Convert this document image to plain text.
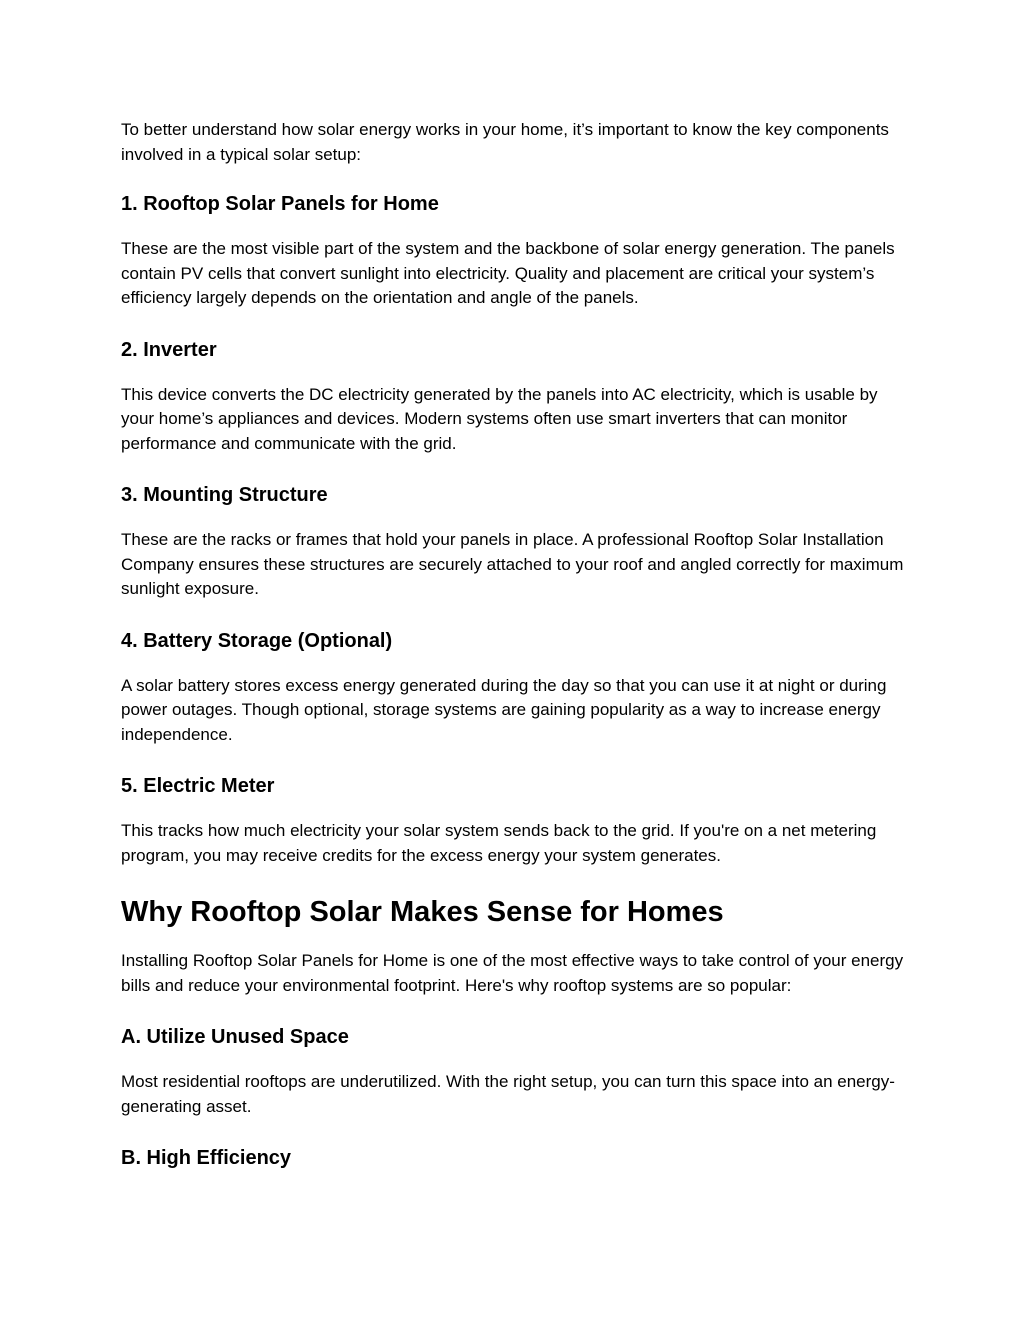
To better understand how solar energy works in your home, it’s important to know the key components involved in a typical solar setup:

1. Rooftop Solar Panels for Home

These are the most visible part of the system and the backbone of solar energy generation. The panels contain PV cells that convert sunlight into electricity. Quality and placement are critical your system’s efficiency largely depends on the orientation and angle of the panels.

2. Inverter

This device converts the DC electricity generated by the panels into AC electricity, which is usable by your home’s appliances and devices. Modern systems often use smart inverters that can monitor performance and communicate with the grid.

3. Mounting Structure

These are the racks or frames that hold your panels in place. A professional Rooftop Solar Installation Company ensures these structures are securely attached to your roof and angled correctly for maximum sunlight exposure.

4. Battery Storage (Optional)

A solar battery stores excess energy generated during the day so that you can use it at night or during power outages. Though optional, storage systems are gaining popularity as a way to increase energy independence.

5. Electric Meter

This tracks how much electricity your solar system sends back to the grid. If you're on a net metering program, you may receive credits for the excess energy your system generates.

Why Rooftop Solar Makes Sense for Homes

Installing Rooftop Solar Panels for Home is one of the most effective ways to take control of your energy bills and reduce your environmental footprint. Here's why rooftop systems are so popular:

A. Utilize Unused Space

Most residential rooftops are underutilized. With the right setup, you can turn this space into an energy-generating asset.

B. High Efficiency
